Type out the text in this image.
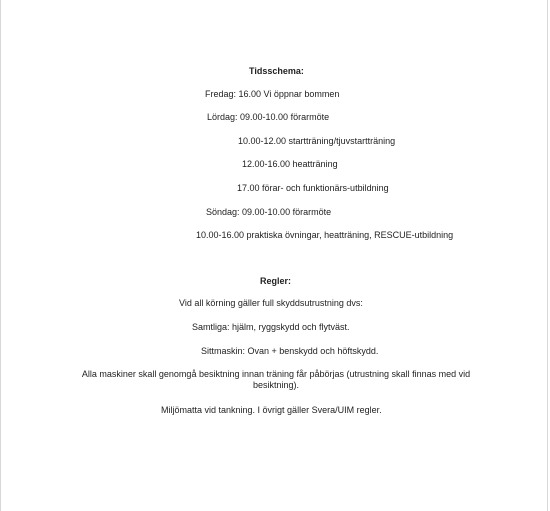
Tidsschema:
Fredag: 16.00 Vi öppnar bommen
Lördag: 09.00-10.00 förarmöte
10.00-12.00 startträning/tjuvstartträning
12.00-16.00 heatträning
17.00 förar- och funktionärs-utbildning
Söndag: 09.00-10.00 förarmöte
10.00-16.00 praktiska övningar, heatträning, RESCUE-utbildning
Regler:
Vid all körning gäller full skyddsutrustning dvs:
Samtliga: hjälm, ryggskydd och flytväst.
Sittmaskin: Ovan + benskydd och höftskydd.
Alla maskiner skall genomgå besiktning innan träning får påbörjas (utrustning skall finnas med vid
besiktning).
Miljömatta vid tankning. I övrigt gäller Svera/UIM regler.
